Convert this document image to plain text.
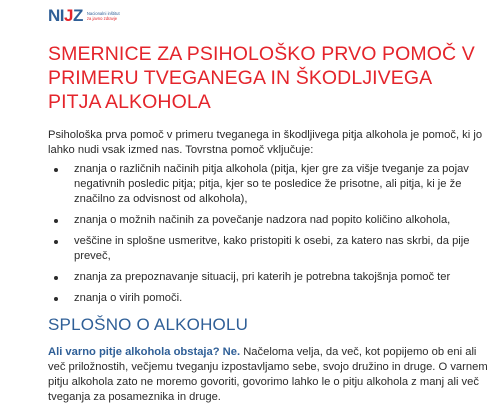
NIJZ Nacionalni inštitut
za javno zdravje
SMERNICE ZA PSIHOLOŠKO PRVO POMOČ V PRIMERU TVEGANEGA IN ŠKODLJIVEGA PITJA ALKOHOLA

Psihološka prva pomoč v primeru tveganega in škodljivega pitja alkohola je pomoč, ki jo lahko nudi vsak izmed nas. Tovrstna pomoč vključuje:

znanja o različnih načinih pitja alkohola (pitja, kjer gre za višje tveganje za pojav negativnih posledic pitja; pitja, kjer so te posledice že prisotne, ali pitja, ki je že značilno za odvisnost od alkohola),
znanja o možnih načinih za povečanje nadzora nad popito količino alkohola,
veščine in splošne usmeritve, kako pristopiti k osebi, za katero nas skrbi, da pije preveč,
znanja za prepoznavanje situacij, pri katerih je potrebna takojšnja pomoč ter
znanja o virih pomoči.
SPLOŠNO O ALKOHOLU

Ali varno pitje alkohola obstaja? Ne. Načeloma velja, da več, kot popijemo ob eni ali več priložnostih, večjemu tveganju izpostavljamo sebe, svojo družino in druge. O varnem pitju alkohola zato ne moremo govoriti, govorimo lahko le o pitju alkohola z manj ali več tveganja za posameznika in druge.
